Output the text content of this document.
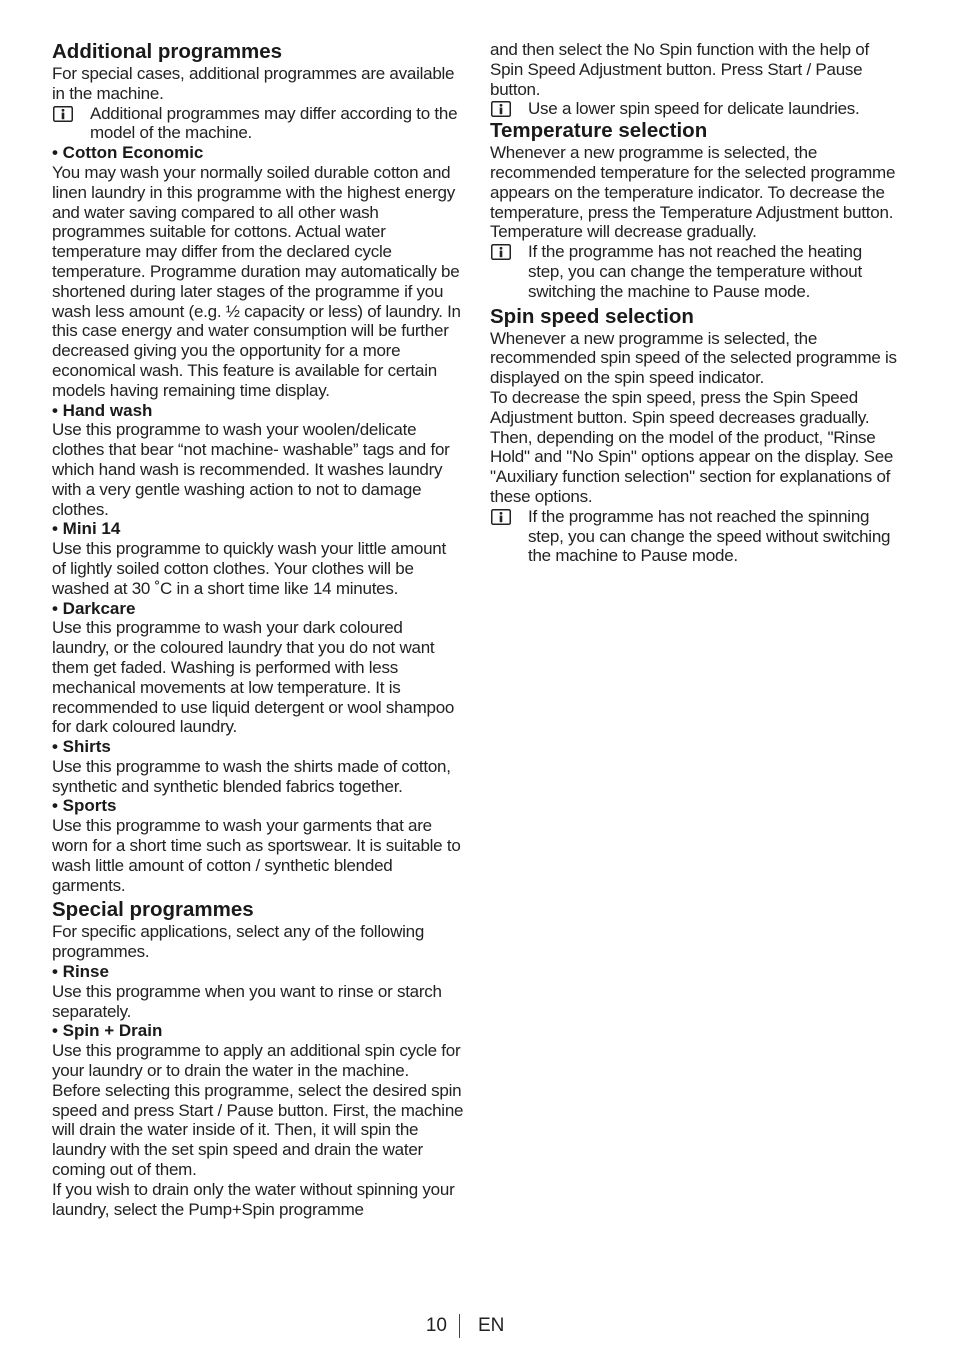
Additional programmes

For special cases, additional programmes are available in the machine.

Additional programmes may differ according to the model of the machine.

• Cotton Economic

You may wash your normally soiled durable cotton and linen laundry in this programme with the highest energy and water saving compared to all other wash programmes suitable for cottons. Actual water temperature may differ from the declared cycle temperature. Programme duration may automatically be shortened during later stages of the programme if you wash less amount (e.g. ½ capacity or less) of laundry. In this case energy and water consumption will be further decreased giving you the opportunity for a more economical wash. This feature is available for certain models having remaining time display.

• Hand wash

Use this programme to wash your woolen/delicate clothes that bear “not machine- washable” tags and for which hand wash is recommended. It washes laundry with a very gentle washing action to not to damage clothes.

• Mini 14

Use this programme to quickly wash your little amount of lightly soiled cotton clothes. Your clothes will be washed at 30 ˚C in a short time like 14 minutes.

• Darkcare

Use this programme to wash your dark coloured laundry, or the coloured laundry that you do not want them get faded. Washing is performed with less mechanical movements at low temperature. It is recommended to use liquid detergent or wool shampoo for dark coloured laundry.

• Shirts

Use this programme to wash the shirts made of cotton, synthetic and synthetic blended fabrics together.

• Sports

Use this programme to wash your garments that are worn for a short time such as sportswear. It is suitable to wash little amount of cotton / synthetic blended garments.

Special programmes

For specific applications, select any of the following programmes.

• Rinse

Use this programme when you want to rinse or starch separately.

• Spin + Drain

Use this programme to apply an additional spin cycle for your laundry or to drain the water in the machine.

Before selecting this programme, select the desired spin speed and press Start / Pause button. First, the machine will drain the water inside of it. Then, it will spin the laundry with the set spin speed and drain the water coming out of them.

If you wish to drain only the water without spinning your laundry, select the Pump+Spin programme

and then select the No Spin function with the help of Spin Speed Adjustment button. Press Start / Pause button.

Use a lower spin speed for delicate laundries.
Temperature selection

Whenever a new programme is selected, the recommended temperature for the selected programme appears on the temperature indicator. To decrease the temperature, press the Temperature Adjustment button. Temperature will decrease gradually.

If the programme has not reached the heating step, you can change the temperature without switching the machine to Pause mode.
Spin speed selection

Whenever a new programme is selected, the recommended spin speed of the selected programme is displayed on the spin speed indicator.

To decrease the spin speed, press the Spin Speed Adjustment button. Spin speed decreases gradually. Then, depending on the model of the product, "Rinse Hold" and "No Spin" options appear on the display. See "Auxiliary function selection" section for explanations of these options.

If the programme has not reached the spinning step, you can change the speed without switching the machine to Pause mode.
10 EN
